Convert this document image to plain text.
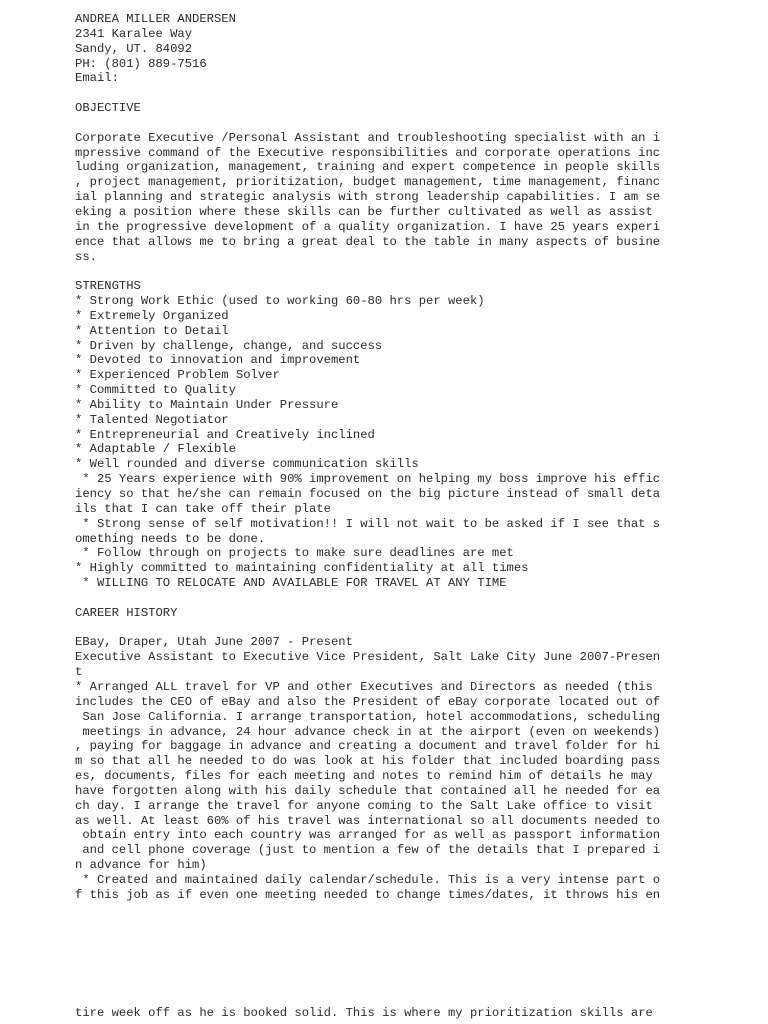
ANDREA MILLER ANDERSEN
2341 Karalee Way
Sandy, UT. 84092
PH: (801) 889-7516
Email:
OBJECTIVE
Corporate Executive /Personal Assistant and troubleshooting specialist with an i
mpressive command of the Executive responsibilities and corporate operations inc
luding organization, management, training and expert competence in people skills
, project management, prioritization, budget management, time management, financ
ial planning and strategic analysis with strong leadership capabilities. I am se
eking a position where these skills can be further cultivated as well as assist
in the progressive development of a quality organization. I have 25 years experi
ence that allows me to bring a great deal to the table in many aspects of busine
ss.
STRENGTHS
* Strong Work Ethic (used to working 60-80 hrs per week)
* Extremely Organized
* Attention to Detail
* Driven by challenge, change, and success
* Devoted to innovation and improvement
* Experienced Problem Solver
* Committed to Quality
* Ability to Maintain Under Pressure
* Talented Negotiator
* Entrepreneurial and Creatively inclined
* Adaptable / Flexible
* Well rounded and diverse communication skills
* 25 Years experience with 90% improvement on helping my boss improve his effic
iency so that he/she can remain focused on the big picture instead of small deta
ils that I can take off their plate
* Strong sense of self motivation!! I will not wait to be asked if I see that s
omething needs to be done.
* Follow through on projects to make sure deadlines are met
* Highly committed to maintaining confidentiality at all times
* WILLING TO RELOCATE AND AVAILABLE FOR TRAVEL AT ANY TIME
CAREER HISTORY
EBay, Draper, Utah June 2007 - Present
Executive Assistant to Executive Vice President, Salt Lake City June 2007-Presen
t
* Arranged ALL travel for VP and other Executives and Directors as needed (this
includes the CEO of eBay and also the President of eBay corporate located out of
San Jose California. I arrange transportation, hotel accommodations, scheduling
meetings in advance, 24 hour advance check in at the airport (even on weekends)
, paying for baggage in advance and creating a document and travel folder for hi
m so that all he needed to do was look at his folder that included boarding pass
es, documents, files for each meeting and notes to remind him of details he may
have forgotten along with his daily schedule that contained all he needed for ea
ch day. I arrange the travel for anyone coming to the Salt Lake office to visit
as well. At least 60% of his travel was international so all documents needed to
obtain entry into each country was arranged for as well as passport information
and cell phone coverage (just to mention a few of the details that I prepared i
n advance for him)
* Created and maintained daily calendar/schedule. This is a very intense part o
f this job as if even one meeting needed to change times/dates, it throws his en
tire week off as he is booked solid. This is where my prioritization skills are
